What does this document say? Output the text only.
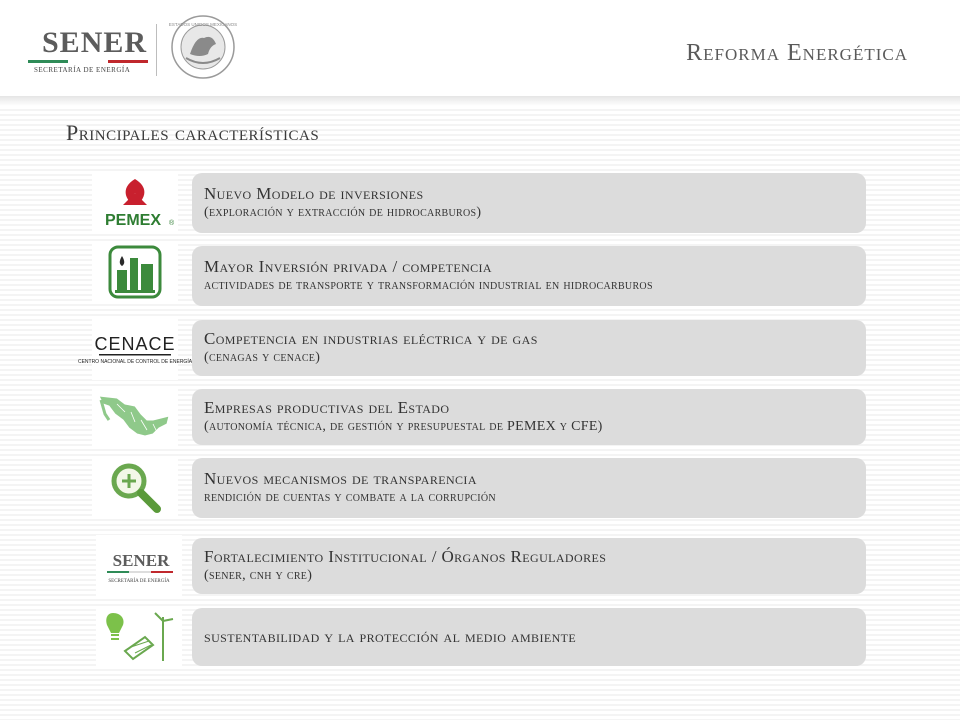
SENER
SECRETARÍA DE ENERGÍA
ESTADOS UNIDOS MEXICANOS
Reforma Energética
Principales características
PEMEX ®
Nuevo Modelo de inversiones
(exploración y extracción de hidrocarburos)
Mayor Inversión privada / competencia
actividades de transporte y transformación industrial en hidrocarburos
CENACE
CENTRO NACIONAL DE CONTROL DE ENERGÍA
Competencia en industrias eléctrica y de gas
(cenagas y cenace)
Empresas productivas del Estado
(autonomía técnica, de gestión y presupuestal de PEMEX y CFE)
Nuevos mecanismos de transparencia
rendición de cuentas y combate a la corrupción
SENER
SECRETARÍA DE ENERGÍA
Fortalecimiento Institucional / Órganos Reguladores
(sener, cnh y cre)
sustentabilidad y la protección al medio ambiente
